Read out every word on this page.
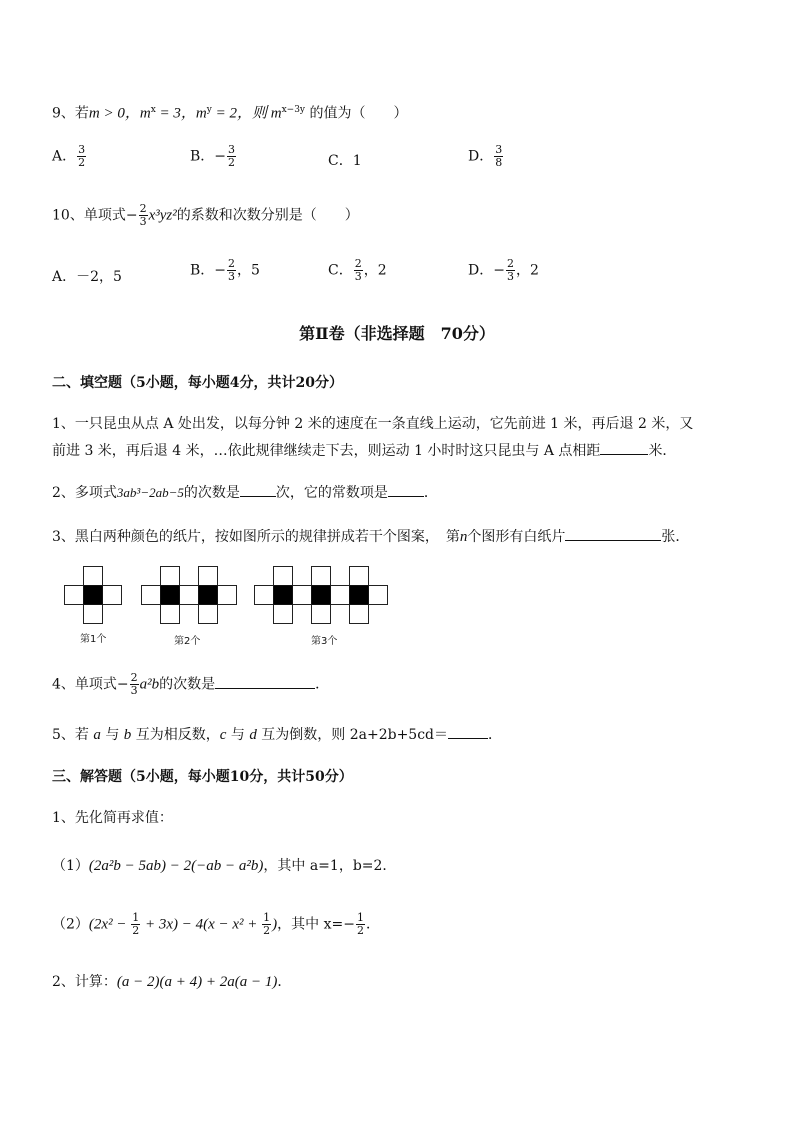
9、若m > 0，$m^x = 3$，$m^y = 2$，则 $m^{x-3y}$ 的值为（　　）
A． $\frac{3}{2}$	B．− $\frac{3}{2}$	C．1	D． $\frac{3}{8}$
10、单项式− $\frac{2}{3} x^3yz^2$的系数和次数分别是（　　）
A．－2，5	B．− $\frac{2}{3}$ ，5	C． $\frac{2}{3}$ ，2	D．− $\frac{2}{3}$ ，2
第Ⅱ卷（非选择题　70分）
二、填空题（5小题，每小题4分，共计20分）
1、一只昆虫从点 A 处出发，以每分钟 2 米的速度在一条直线上运动，它先前进 1 米，再后退 2 米，又
前进 3 米，再后退 4 米，…依此规律继续走下去，则运动 1 小时时这只昆虫与 A 点相距	米．
2、多项式3ab³−2ab−5的次数是	次，它的常数项是	．
3、黑白两种颜色的纸片，按如图所示的规律拼成若干个图案，　第n个图形有白纸片	张．
第1个	第2个	第3个
4、单项式− $\frac{2}{3} a^2b$的次数是	．
5、若 a 与 b 互为相反数，c 与 d 互为倒数，则 2a+2b+5cd＝	．
三、解答题（5小题，每小题10分，共计50分）
1、先化简再求值：
（1）(2a²b − 5ab) − 2(−ab − a²b)，其中 a=1，b=2．
$(2)(2x^2 - \frac{1}{2} + 3x) - 4(x - x^2 + \frac{1}{2}$ )，其中 $x=- \frac{1}{2}$ ．
2、计算：(a − 2)(a + 4) + 2a(a − 1)．
